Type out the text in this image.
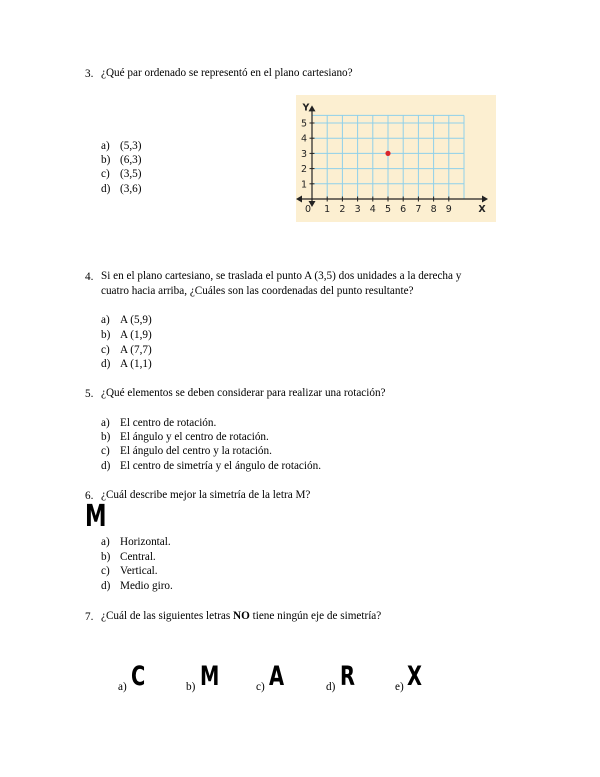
3. ¿Qué par ordenado se representó en el plano cartesiano?
a) (5,3)
b) (6,3)
c) (3,5)
d) (3,6)
0 1 2 3 4 5 6 7 8 9
1
2
3
4
5
X
Y
4. Si en el plano cartesiano, se traslada el punto A (3,5) dos unidades a la derecha y
cuatro hacia arriba, ¿Cuáles son las coordenadas del punto resultante?
a) A (5,9)
b) A (1,9)
c) A (7,7)
d) A (1,1)
5. ¿Qué elementos se deben considerar para realizar una rotación?
a) El centro de rotación.
b) El ángulo y el centro de rotación.
c) El ángulo del centro y la rotación.
d) El centro de simetría y el ángulo de rotación.
6. ¿Cuál describe mejor la simetría de la letra M?
M
a) Horizontal.
b) Central.
c) Vertical.
d) Medio giro.
7. ¿Cuál de las siguientes letras NO tiene ningún eje de simetría?
a) C	b) M	c) A	d) R	e) X
